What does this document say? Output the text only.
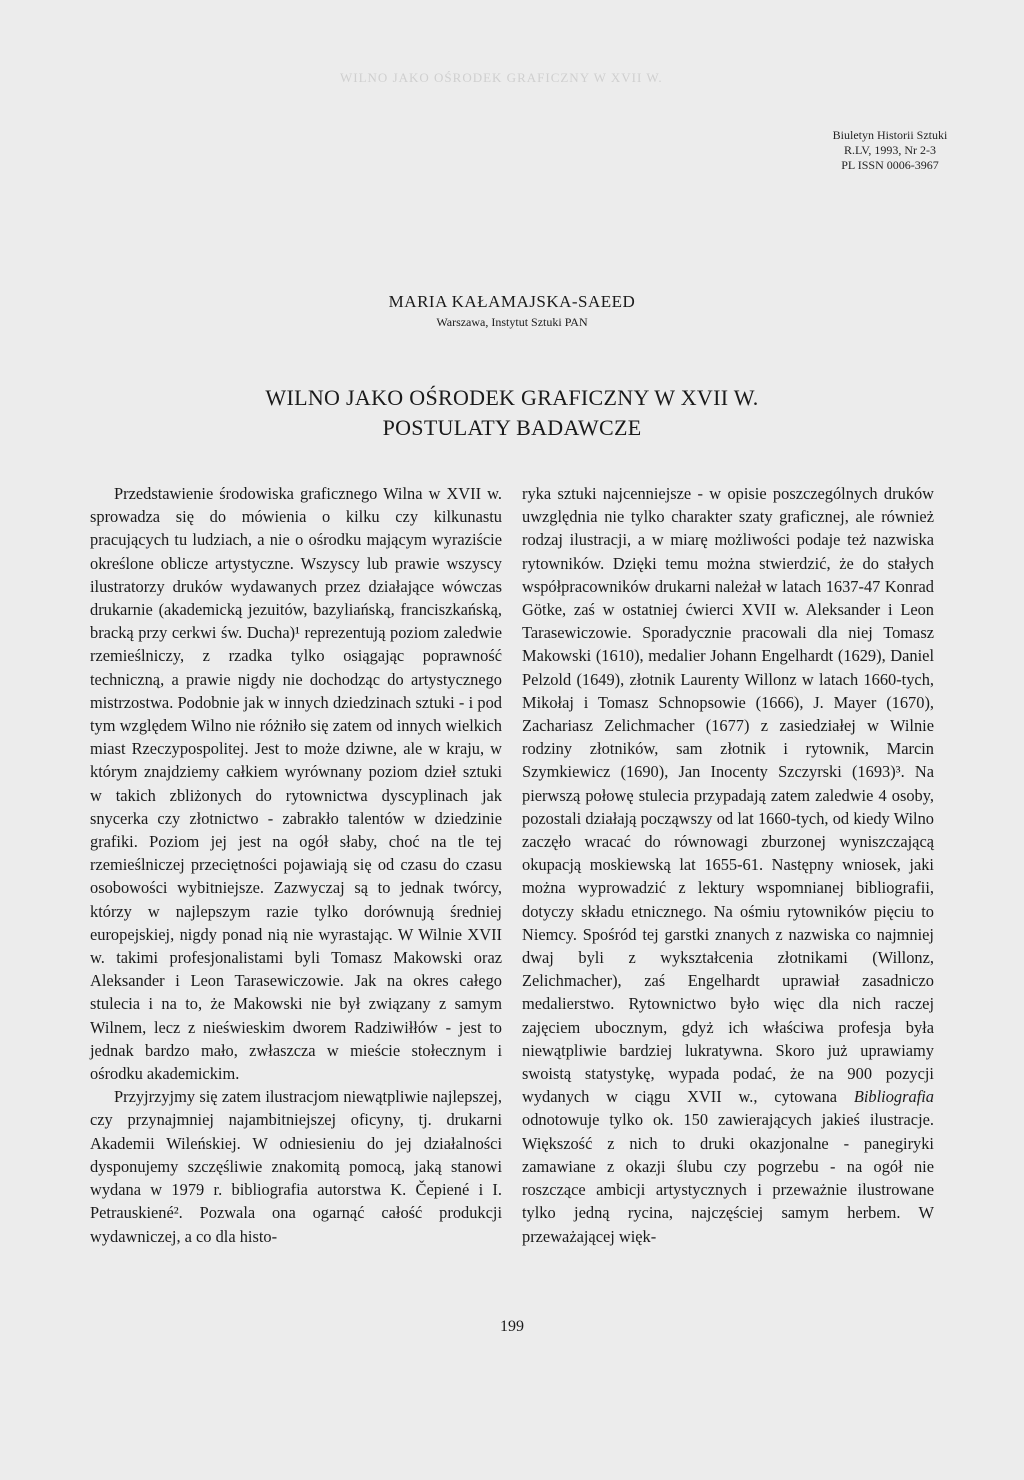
WILNO JAKO OŚRODEK GRAFICZNY W XVII W.
Biuletyn Historii Sztuki
R.LV, 1993, Nr 2-3
PL ISSN 0006-3967
MARIA KAŁAMAJSKA-SAEED
Warszawa, Instytut Sztuki PAN
WILNO JAKO OŚRODEK GRAFICZNY W XVII W.
POSTULATY BADAWCZE

Przedstawienie środowiska graficznego Wilna w XVII w. sprowadza się do mówienia o kilku czy kilkunastu pracujących tu ludziach, a nie o ośrodku mającym wyraziście określone oblicze artystyczne. Wszyscy lub prawie wszyscy ilustratorzy druków wydawanych przez działające wówczas drukarnie (akademicką jezuitów, bazyliańską, franciszkańską, bracką przy cerkwi św. Ducha)¹ reprezentują poziom zaledwie rzemieślniczy, z rzadka tylko osiągając poprawność techniczną, a prawie nigdy nie dochodząc do artystycznego mistrzostwa. Podobnie jak w innych dziedzinach sztuki - i pod tym względem Wilno nie różniło się zatem od innych wielkich miast Rzeczypospolitej. Jest to może dziwne, ale w kraju, w którym znajdziemy całkiem wyrównany poziom dzieł sztuki w takich zbliżonych do rytownictwa dyscyplinach jak snycerka czy złotnictwo - zabrakło talentów w dziedzinie grafiki. Poziom jej jest na ogół słaby, choć na tle tej rzemieślniczej przeciętności pojawiają się od czasu do czasu osobowości wybitniejsze. Zazwyczaj są to jednak twórcy, którzy w najlepszym razie tylko dorównują średniej europejskiej, nigdy ponad nią nie wyrastając. W Wilnie XVII w. takimi profesjonalistami byli Tomasz Makowski oraz Aleksander i Leon Tarasewiczowie. Jak na okres całego stulecia i na to, że Makowski nie był związany z samym Wilnem, lecz z nieświeskim dworem Radziwiłłów - jest to jednak bardzo mało, zwłaszcza w mieście stołecznym i ośrodku akademickim.

Przyjrzyjmy się zatem ilustracjom niewątpliwie najlepszej, czy przynajmniej najambitniejszej oficyny, tj. drukarni Akademii Wileńskiej. W odniesieniu do jej działalności dysponujemy szczęśliwie znakomitą pomocą, jaką stanowi wydana w 1979 r. bibliografia autorstwa K. Čepiené i I. Petrauskiené². Pozwala ona ogarnąć całość produkcji wydawniczej, a co dla histo-

ryka sztuki najcenniejsze - w opisie poszczególnych druków uwzględnia nie tylko charakter szaty graficznej, ale również rodzaj ilustracji, a w miarę możliwości podaje też nazwiska rytowników. Dzięki temu można stwierdzić, że do stałych współpracowników drukarni należał w latach 1637-47 Konrad Götke, zaś w ostatniej ćwierci XVII w. Aleksander i Leon Tarasewiczowie. Sporadycznie pracowali dla niej Tomasz Makowski (1610), medalier Johann Engelhardt (1629), Daniel Pelzold (1649), złotnik Laurenty Willonz w latach 1660-tych, Mikołaj i Tomasz Schnopsowie (1666), J. Mayer (1670), Zachariasz Zelichmacher (1677) z zasiedziałej w Wilnie rodziny złotników, sam złotnik i rytownik, Marcin Szymkiewicz (1690), Jan Inocenty Szczyrski (1693)³. Na pierwszą połowę stulecia przypadają zatem zaledwie 4 osoby, pozostali działają począwszy od lat 1660-tych, od kiedy Wilno zaczęło wracać do równowagi zburzonej wyniszczającą okupacją moskiewską lat 1655-61. Następny wniosek, jaki można wyprowadzić z lektury wspomnianej bibliografii, dotyczy składu etnicznego. Na ośmiu rytowników pięciu to Niemcy. Spośród tej garstki znanych z nazwiska co najmniej dwaj byli z wykształcenia złotnikami (Willonz, Zelichmacher), zaś Engelhardt uprawiał zasadniczo medalierstwo. Rytownictwo było więc dla nich raczej zajęciem ubocznym, gdyż ich właściwa profesja była niewątpliwie bardziej lukratywna. Skoro już uprawiamy swoistą statystykę, wypada podać, że na 900 pozycji wydanych w ciągu XVII w., cytowana Bibliografia odnotowuje tylko ok. 150 zawierających jakieś ilustracje. Większość z nich to druki okazjonalne - panegiryki zamawiane z okazji ślubu czy pogrzebu - na ogół nie roszczące ambicji artystycznych i przeważnie ilustrowane tylko jedną rycina, najczęściej samym herbem. W przeważającej więk-

199
